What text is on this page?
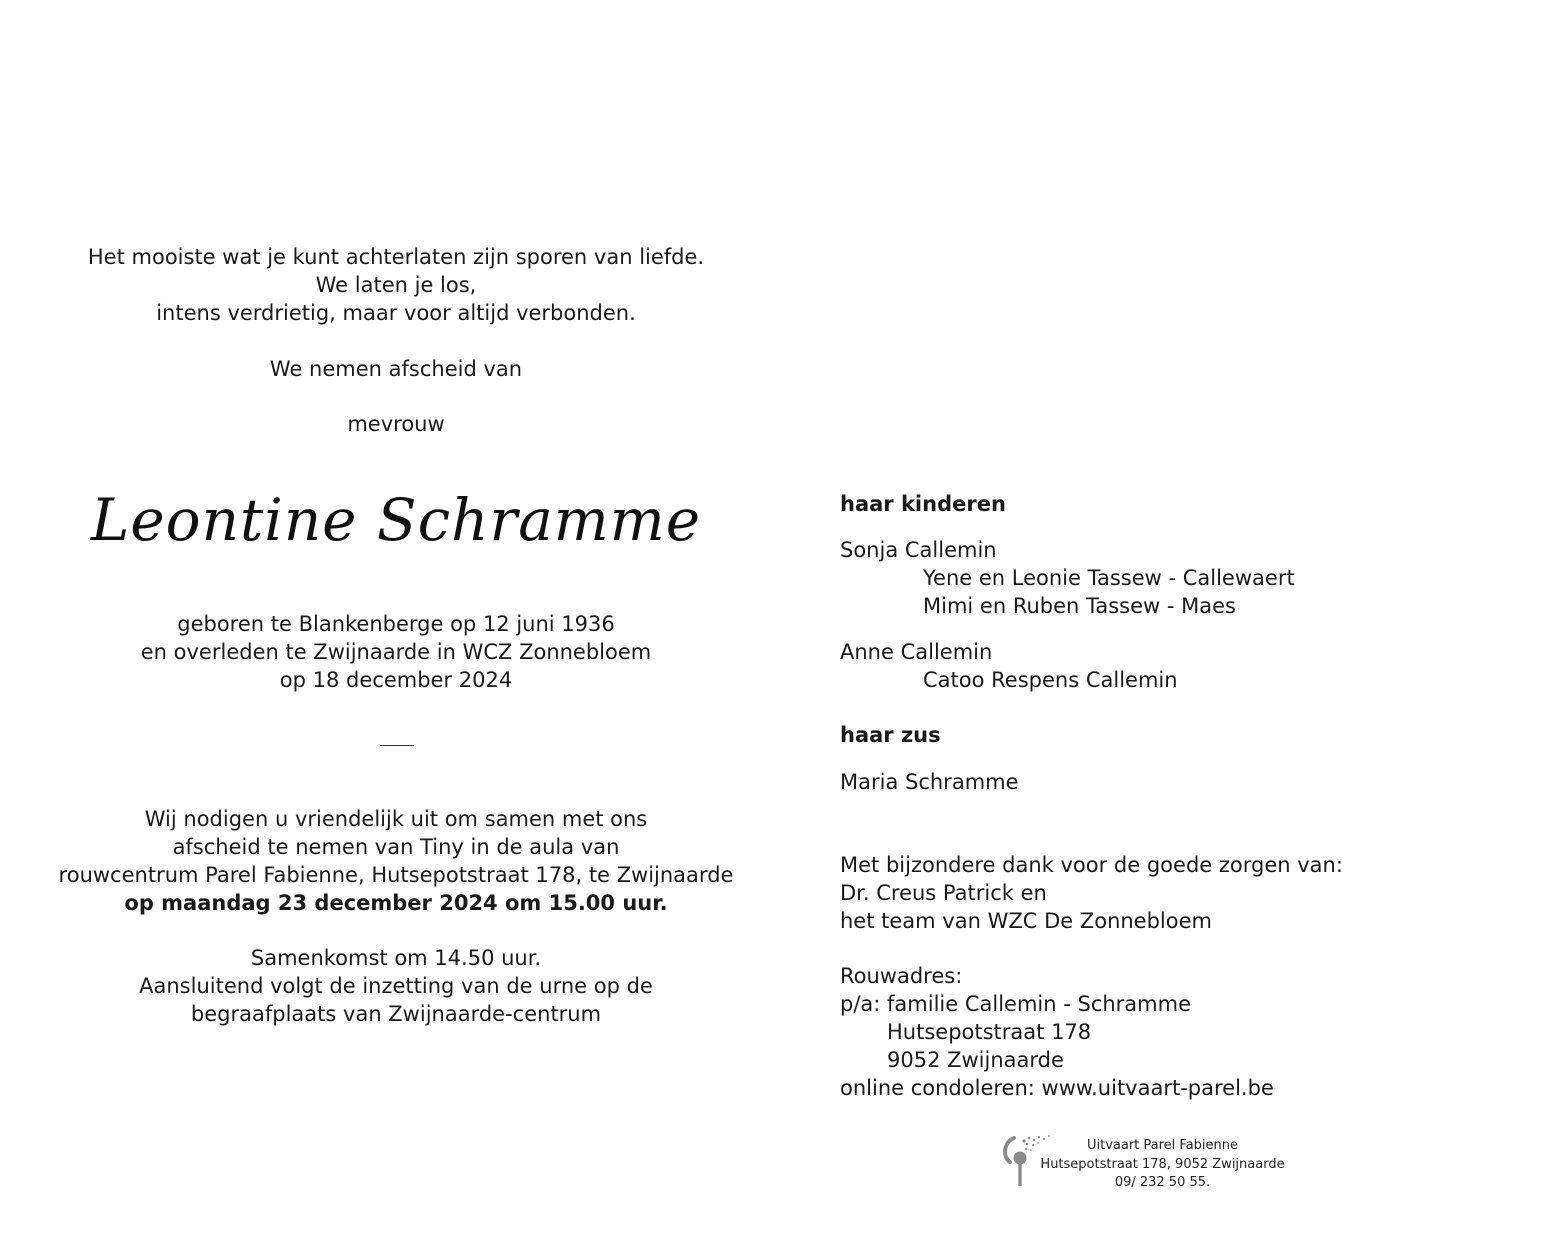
Het mooiste wat je kunt achterlaten zijn sporen van liefde.
We laten je los,
intens verdrietig, maar voor altijd verbonden.
We nemen afscheid van
mevrouw
geboren te Blankenberge op 12 juni 1936
en overleden te Zwijnaarde in WCZ Zonnebloem
op 18 december 2024
Wij nodigen u vriendelijk uit om samen met ons
afscheid te nemen van Tiny in de aula van
rouwcentrum Parel Fabienne, Hutsepotstraat 178, te Zwijnaarde
op maandag 23 december 2024 om 15.00 uur.
Samenkomst om 14.50 uur.
Aansluitend volgt de inzetting van de urne op de
begraafplaats van Zwijnaarde-centrum
Leontine Schramme	haar kinderen
Sonja Callemin
Yene en Leonie Tassew - Callewaert
Mimi en Ruben Tassew - Maes
Anne Callemin
Catoo Respens Callemin
haar zus
Maria Schramme
Met bijzondere dank voor de goede zorgen van:
Dr. Creus Patrick en
het team van WZC De Zonnebloem
Rouwadres:
p/a: familie Callemin - Schramme
Hutsepotstraat 178
9052 Zwijnaarde
online condoleren: www.uitvaart-parel.be
Uitvaart Parel Fabienne
Hutsepotstraat 178, 9052 Zwijnaarde
09/ 232 50 55.
